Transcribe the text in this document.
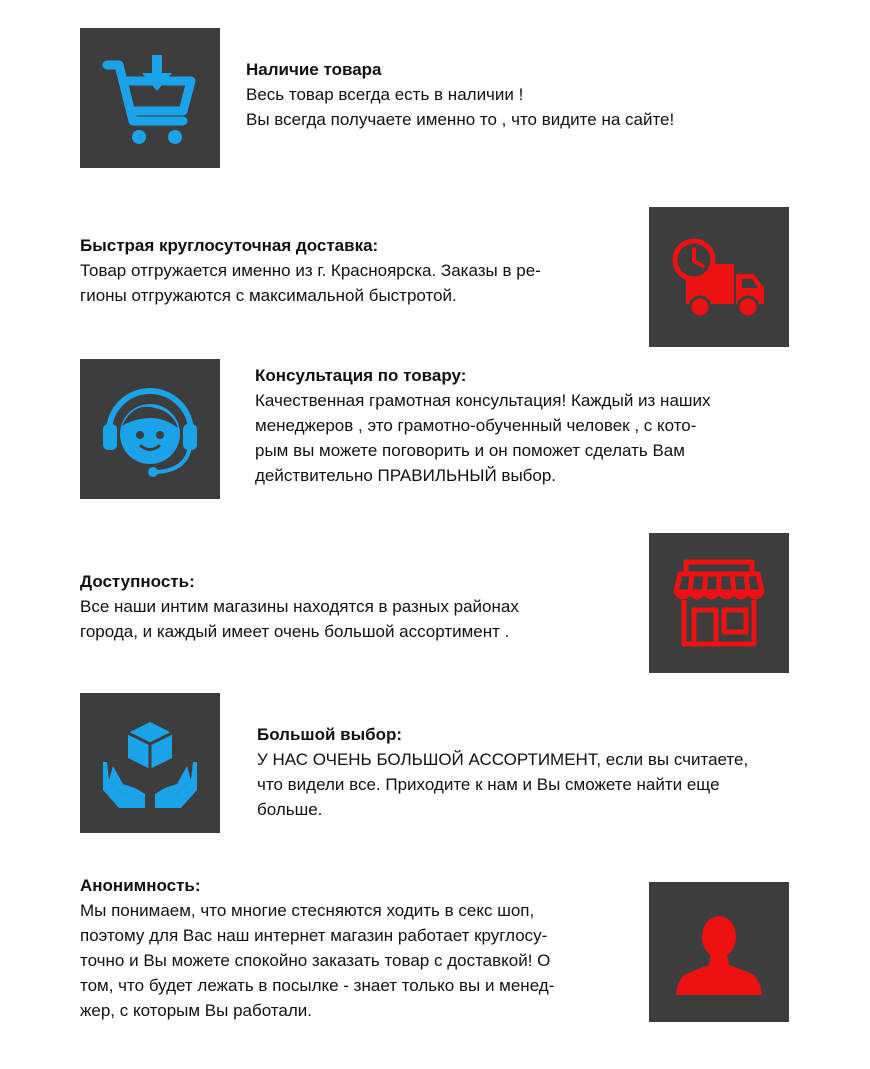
Наличие товара
Весь товар всегда есть в наличии !
Вы всегда получаете именно то , что видите на сайте!
Быстрая круглосуточная доставка:
Товар отгружается именно из г. Красноярска. Заказы в ре-
гионы отгружаются с максимальной быстротой.
Консультация по товару:
Качественная грамотная консультация! Каждый из наших
менеджеров , это грамотно-обученный человек , с кото-
рым вы можете поговорить и он поможет сделать Вам
действительно ПРАВИЛЬНЫЙ выбор.
Доступность:
Все наши интим магазины находятся в разных районах
города, и каждый имеет очень большой ассортимент .
Большой выбор:
У НАС ОЧЕНЬ БОЛЬШОЙ АССОРТИМЕНТ, если вы считаете,
что видели все. Приходите к нам и Вы сможете найти еще
больше.
Анонимность:
Мы понимаем, что многие стесняются ходить в секс шоп,
поэтому для Вас наш интернет магазин работает круглосу-
точно и Вы можете спокойно заказать товар с доставкой! О
том, что будет лежать в посылке - знает только вы и менед-
жер, с которым Вы работали.
